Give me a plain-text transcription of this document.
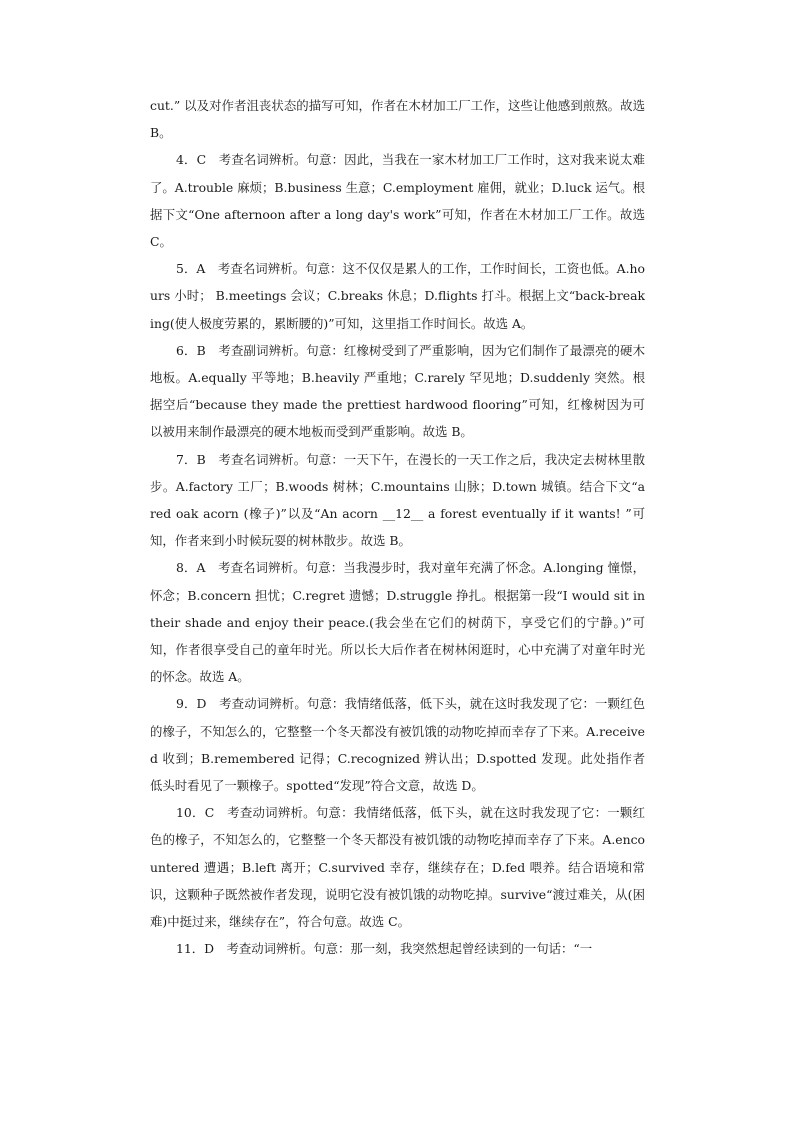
cut.” 以及对作者沮丧状态的描写可知，作者在木材加工厂工作，这些让他感到煎熬。故选 B。

4．C　考查名词辨析。句意：因此，当我在一家木材加工厂工作时，这对我来说太难了。A.trouble 麻烦；B.business 生意；C.employment 雇佣，就业；D.luck 运气。根据下文“One afternoon after a long day's work”可知，作者在木材加工厂工作。故选 C。

5．A　考查名词辨析。句意：这不仅仅是累人的工作，工作时间长，工资也低。A.hours 小时； B.meetings 会议；C.breaks 休息；D.flights 打斗。根据上文“back-breaking(使人极度劳累的，累断腰的)”可知，这里指工作时间长。故选 A。

6．B　考查副词辨析。句意：红橡树受到了严重影响，因为它们制作了最漂亮的硬木地板。A.equally 平等地；B.heavily 严重地；C.rarely 罕见地；D.suddenly 突然。根据空后“because they made the prettiest hardwood flooring”可知，红橡树因为可以被用来制作最漂亮的硬木地板而受到严重影响。故选 B。

7．B　考查名词辨析。句意：一天下午，在漫长的一天工作之后，我决定去树林里散步。A.factory 工厂；B.woods 树林；C.mountains 山脉；D.town 城镇。结合下文“a red oak acorn (橡子)”以及“An acorn __12__ a forest eventually if it wants! ”可知，作者来到小时候玩耍的树林散步。故选 B。

8．A　考查名词辨析。句意：当我漫步时，我对童年充满了怀念。A.longing 憧憬，怀念；B.concern 担忧；C.regret 遗憾；D.struggle 挣扎。根据第一段“I would sit in their shade and enjoy their peace.(我会坐在它们的树荫下，享受它们的宁静。)”可知，作者很享受自己的童年时光。所以长大后作者在树林闲逛时，心中充满了对童年时光的怀念。故选 A。

9．D　考查动词辨析。句意：我情绪低落，低下头，就在这时我发现了它：一颗红色的橡子，不知怎么的，它整整一个冬天都没有被饥饿的动物吃掉而幸存了下来。A.received 收到；B.remembered 记得；C.recognized 辨认出；D.spotted 发现。此处指作者低头时看见了一颗橡子。spotted“发现”符合文意，故选 D。

10．C　考查动词辨析。句意：我情绪低落，低下头，就在这时我发现了它：一颗红色的橡子，不知怎么的，它整整一个冬天都没有被饥饿的动物吃掉而幸存了下来。A.encountered 遭遇；B.left 离开；C.survived 幸存，继续存在；D.fed 喂养。结合语境和常识，这颗种子既然被作者发现，说明它没有被饥饿的动物吃掉。survive“渡过难关，从(困难)中挺过来，继续存在”，符合句意。故选 C。

11．D　考查动词辨析。句意：那一刻，我突然想起曾经读到的一句话：“一
